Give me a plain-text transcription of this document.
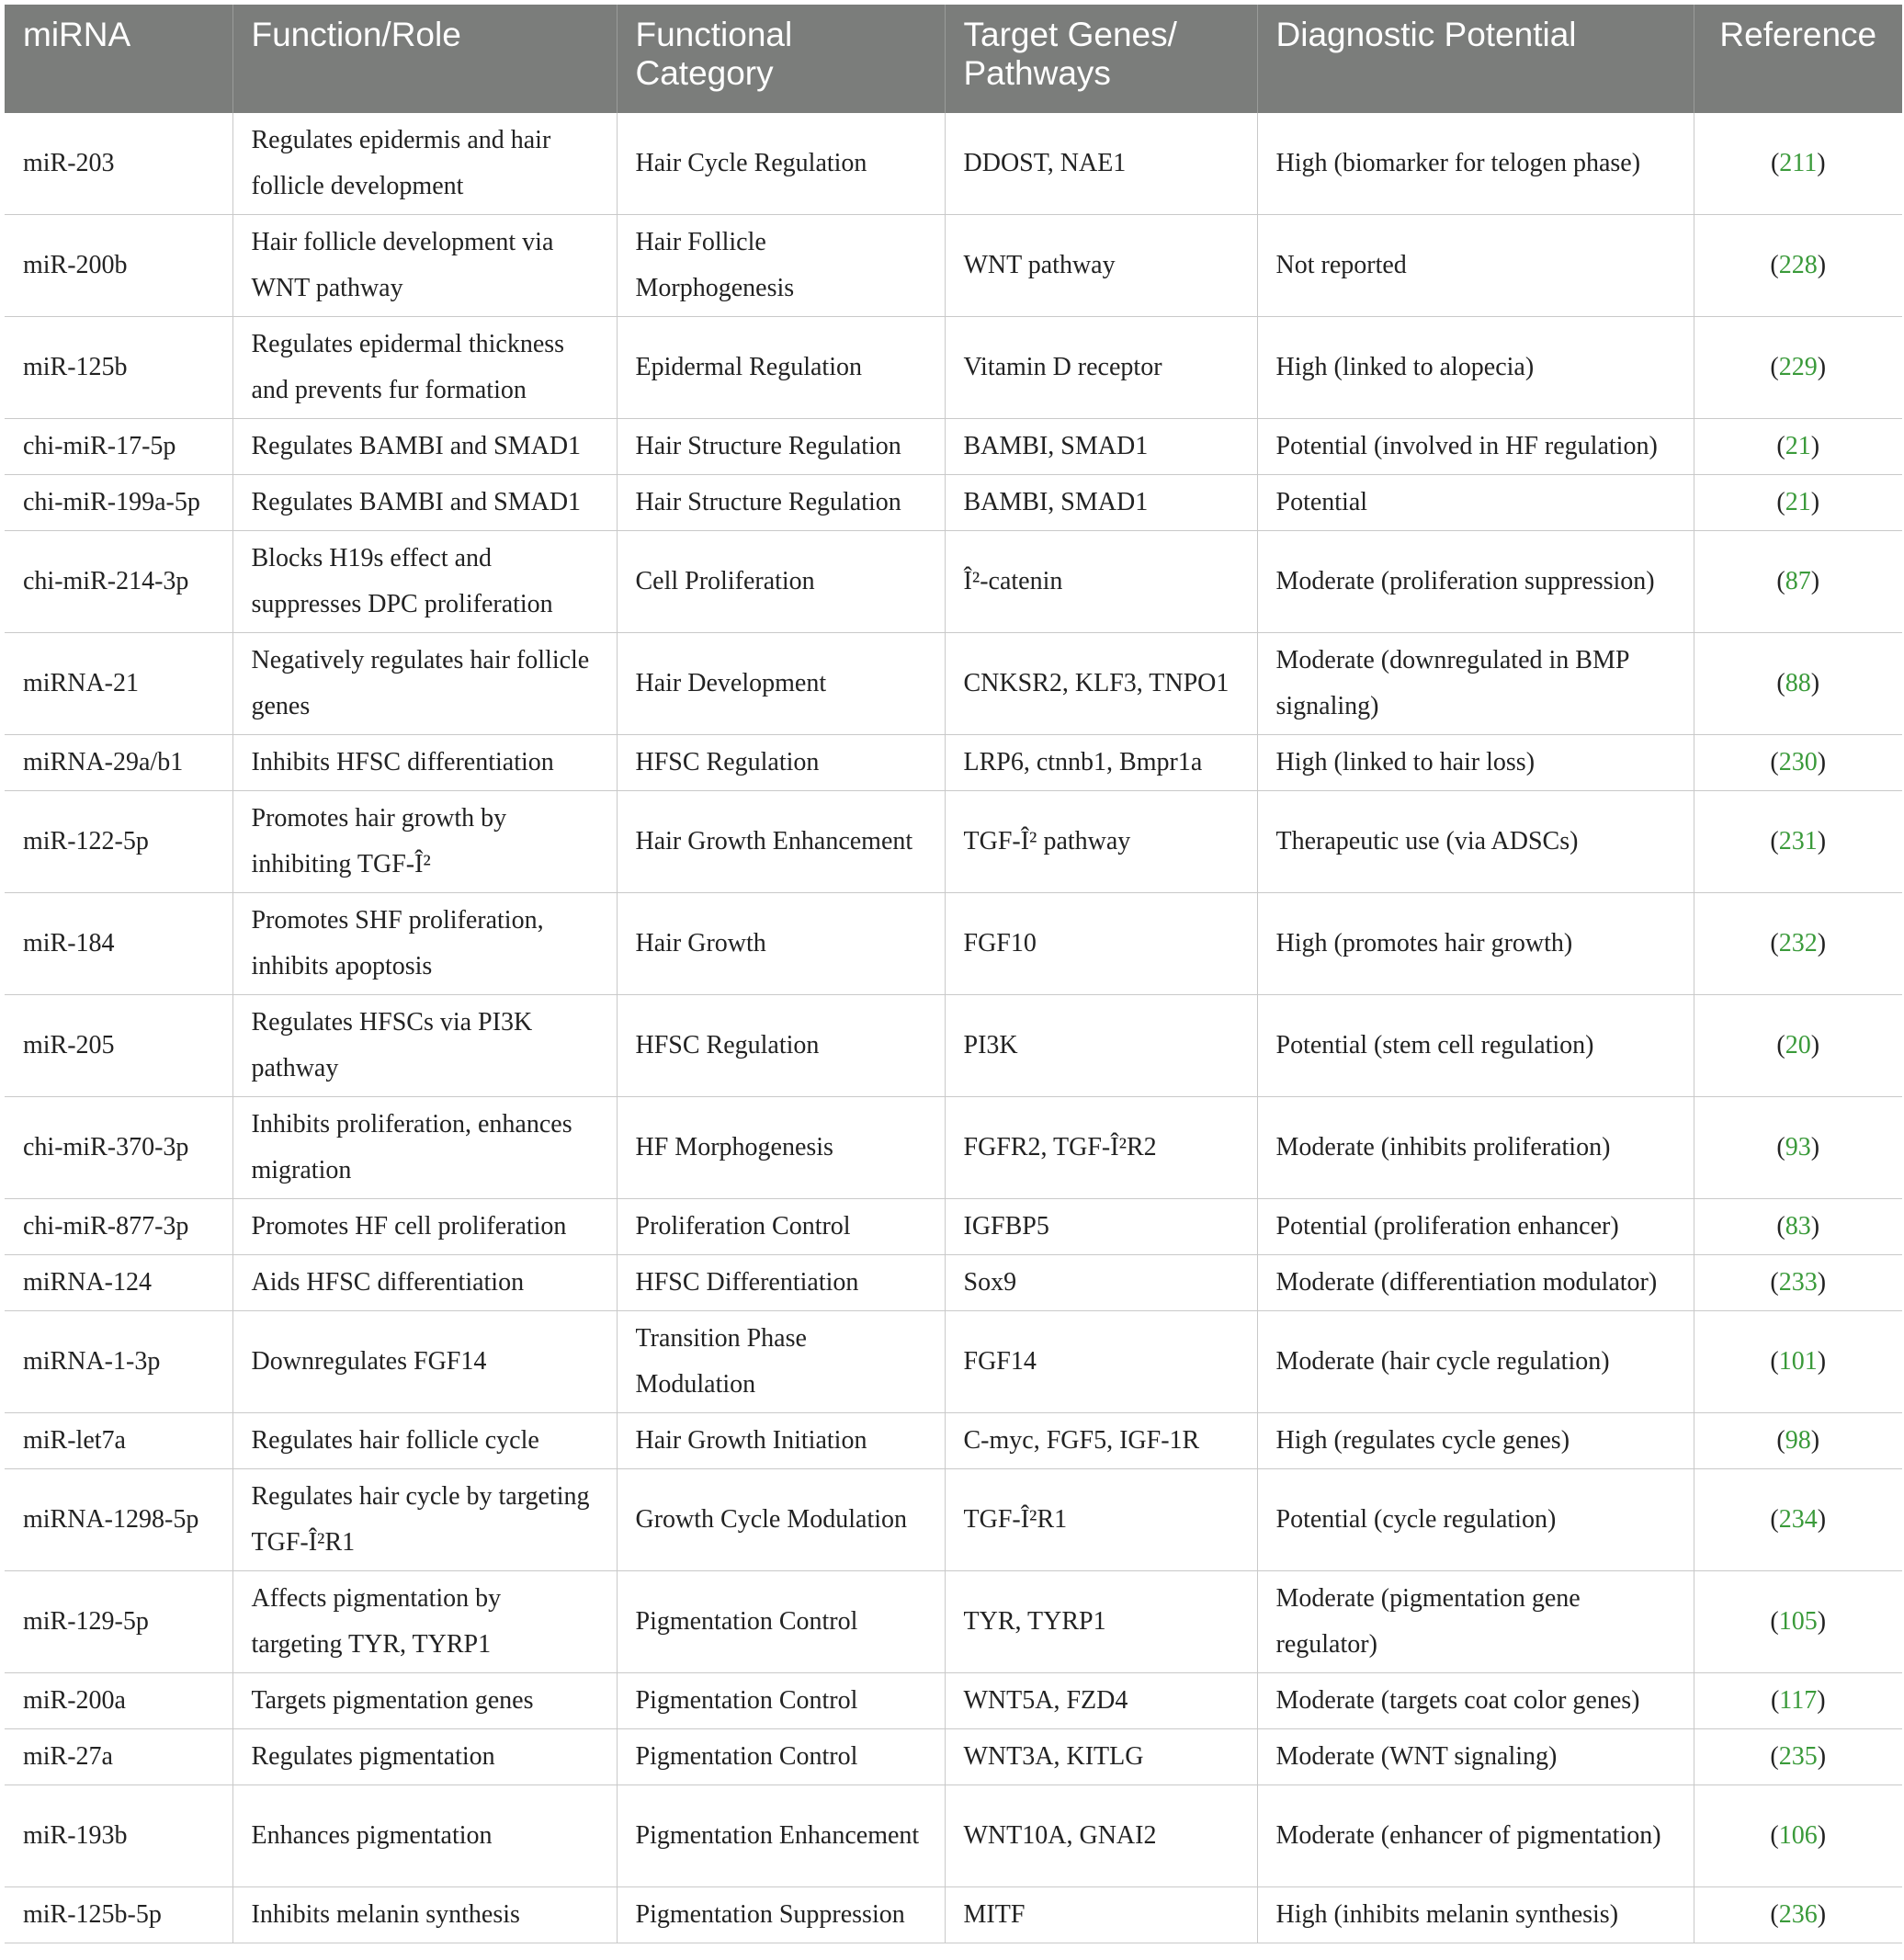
miRNA	Function/Role	Functional Category	Target Genes/ Pathways	Diagnostic Potential	Reference
miR-203	Regulates epidermis and hair follicle development	Hair Cycle Regulation	DDOST, NAE1	High (biomarker for telogen phase)	(211)
miR-200b	Hair follicle development via WNT pathway	Hair Follicle Morphogenesis	WNT pathway	Not reported	(228)
miR-125b	Regulates epidermal thickness and prevents fur formation	Epidermal Regulation	Vitamin D receptor	High (linked to alopecia)	(229)
chi-miR-17-5p	Regulates BAMBI and SMAD1	Hair Structure Regulation	BAMBI, SMAD1	Potential (involved in HF regulation)	(21)
chi-miR-199a-5p	Regulates BAMBI and SMAD1	Hair Structure Regulation	BAMBI, SMAD1	Potential	(21)
chi-miR-214-3p	Blocks H19s effect and suppresses DPC proliferation	Cell Proliferation	Î²-catenin	Moderate (proliferation suppression)	(87)
miRNA-21	Negatively regulates hair follicle genes	Hair Development	CNKSR2, KLF3, TNPO1	Moderate (downregulated in BMP signaling)	(88)
miRNA-29a/b1	Inhibits HFSC differentiation	HFSC Regulation	LRP6, ctnnb1, Bmpr1a	High (linked to hair loss)	(230)
miR-122-5p	Promotes hair growth by inhibiting TGF-Î²	Hair Growth Enhancement	TGF-Î² pathway	Therapeutic use (via ADSCs)	(231)
miR-184	Promotes SHF proliferation, inhibits apoptosis	Hair Growth	FGF10	High (promotes hair growth)	(232)
miR-205	Regulates HFSCs via PI3K pathway	HFSC Regulation	PI3K	Potential (stem cell regulation)	(20)
chi-miR-370-3p	Inhibits proliferation, enhances migration	HF Morphogenesis	FGFR2, TGF-Î²R2	Moderate (inhibits proliferation)	(93)
chi-miR-877-3p	Promotes HF cell proliferation	Proliferation Control	IGFBP5	Potential (proliferation enhancer)	(83)
miRNA-124	Aids HFSC differentiation	HFSC Differentiation	Sox9	Moderate (differentiation modulator)	(233)
miRNA-1-3p	Downregulates FGF14	Transition Phase Modulation	FGF14	Moderate (hair cycle regulation)	(101)
miR-let7a	Regulates hair follicle cycle	Hair Growth Initiation	C-myc, FGF5, IGF-1R	High (regulates cycle genes)	(98)
miRNA-1298-5p	Regulates hair cycle by targeting TGF-Î²R1	Growth Cycle Modulation	TGF-Î²R1	Potential (cycle regulation)	(234)
miR-129-5p	Affects pigmentation by targeting TYR, TYRP1	Pigmentation Control	TYR, TYRP1	Moderate (pigmentation gene regulator)	(105)
miR-200a	Targets pigmentation genes	Pigmentation Control	WNT5A, FZD4	Moderate (targets coat color genes)	(117)
miR-27a	Regulates pigmentation	Pigmentation Control	WNT3A, KITLG	Moderate (WNT signaling)	(235)
miR-193b	Enhances pigmentation	Pigmentation Enhancement	WNT10A, GNAI2	Moderate (enhancer of pigmentation)	(106)
miR-125b-5p	Inhibits melanin synthesis	Pigmentation Suppression	MITF	High (inhibits melanin synthesis)	(236)
